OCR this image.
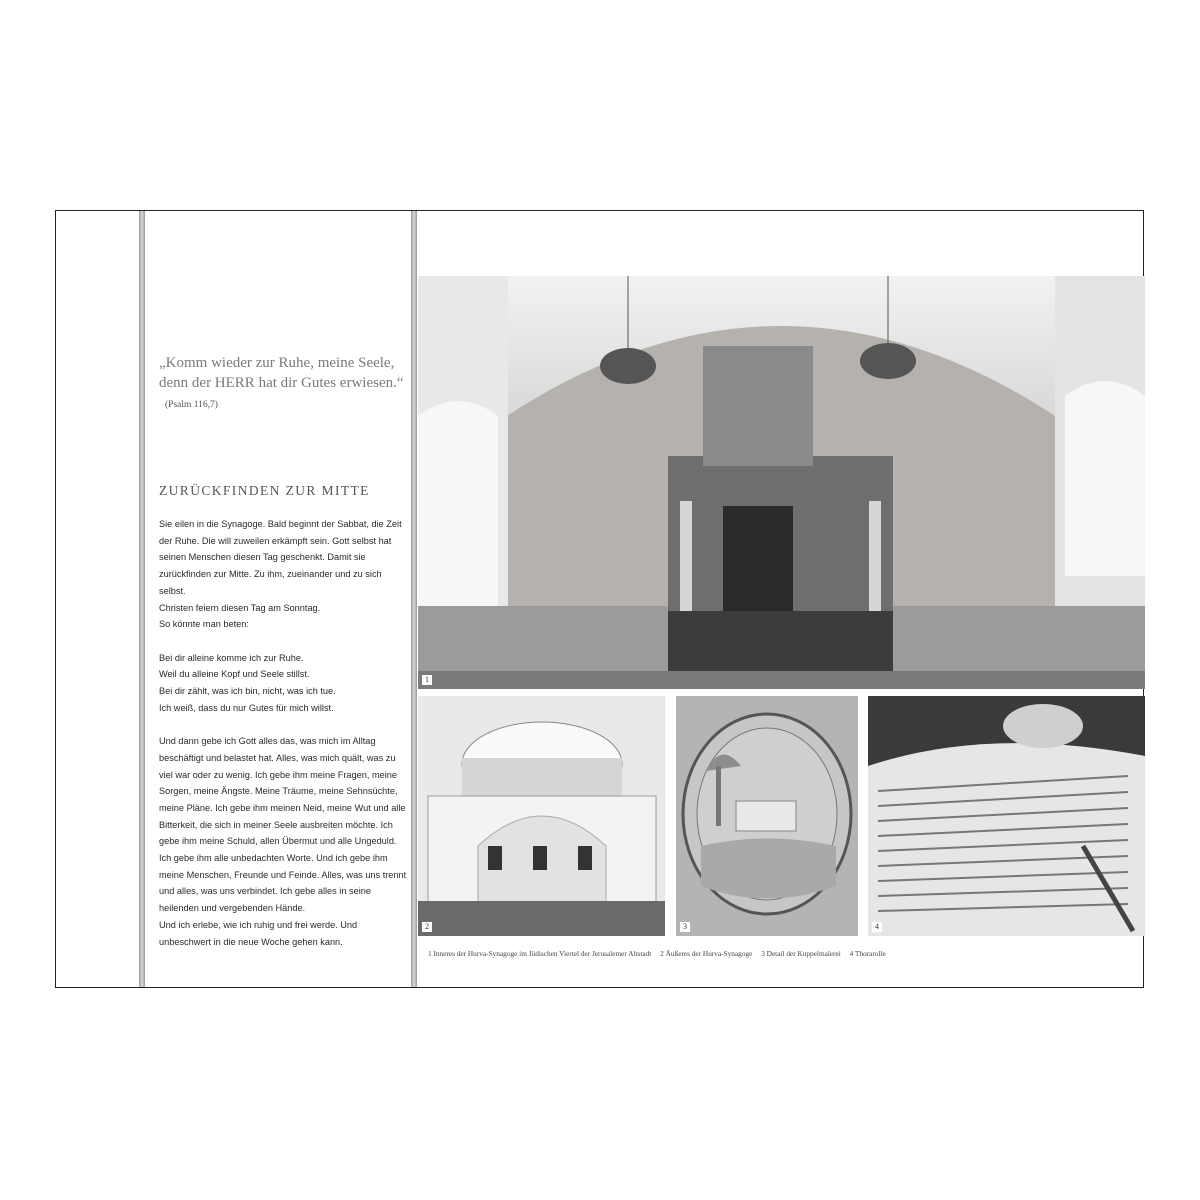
„Komm wieder zur Ruhe, meine Seele, denn der HERR hat dir Gutes erwiesen.“ (Psalm 116,7)
ZURÜCKFINDEN ZUR MITTE

Sie eilen in die Synagoge. Bald beginnt der Sabbat, die Zeit der Ruhe. Die will zuweilen erkämpft sein. Gott selbst hat seinen Menschen diesen Tag geschenkt. Damit sie zurückfinden zur Mitte. Zu ihm, zueinander und zu sich selbst.
Christen feiern diesen Tag am Sonntag.
So könnte man beten:

Bei dir alleine komme ich zur Ruhe.
Weil du alleine Kopf und Seele stillst.
Bei dir zählt, was ich bin, nicht, was ich tue.
Ich weiß, dass du nur Gutes für mich willst.

Und dann gebe ich Gott alles das, was mich im Alltag beschäftigt und belastet hat. Alles, was mich quält, was zu viel war oder zu wenig. Ich gebe ihm meine Fragen, meine Sorgen, meine Ängste. Meine Träume, meine Sehnsüchte, meine Pläne. Ich gebe ihm meinen Neid, meine Wut und alle Bitterkeit, die sich in meiner Seele ausbreiten möchte. Ich gebe ihm meine Schuld, allen Übermut und alle Ungeduld. Ich gebe ihm alle unbedachten Worte. Und ich gebe ihm meine Menschen, Freunde und Feinde. Alles, was uns trennt und alles, was uns verbindet. Ich gebe alles in seine heilenden und vergebenden Hände.
Und ich erlebe, wie ich ruhig und frei werde. Und unbeschwert in die neue Woche gehen kann.

1
2	3	4
1 Inneres der Hurva-Synagoge im Jüdischen Viertel der Jerusalemer Altstadt 2 Äußeres der Hurva-Synagoge 3 Detail der Kuppelmalerei 4 Thorarolle
